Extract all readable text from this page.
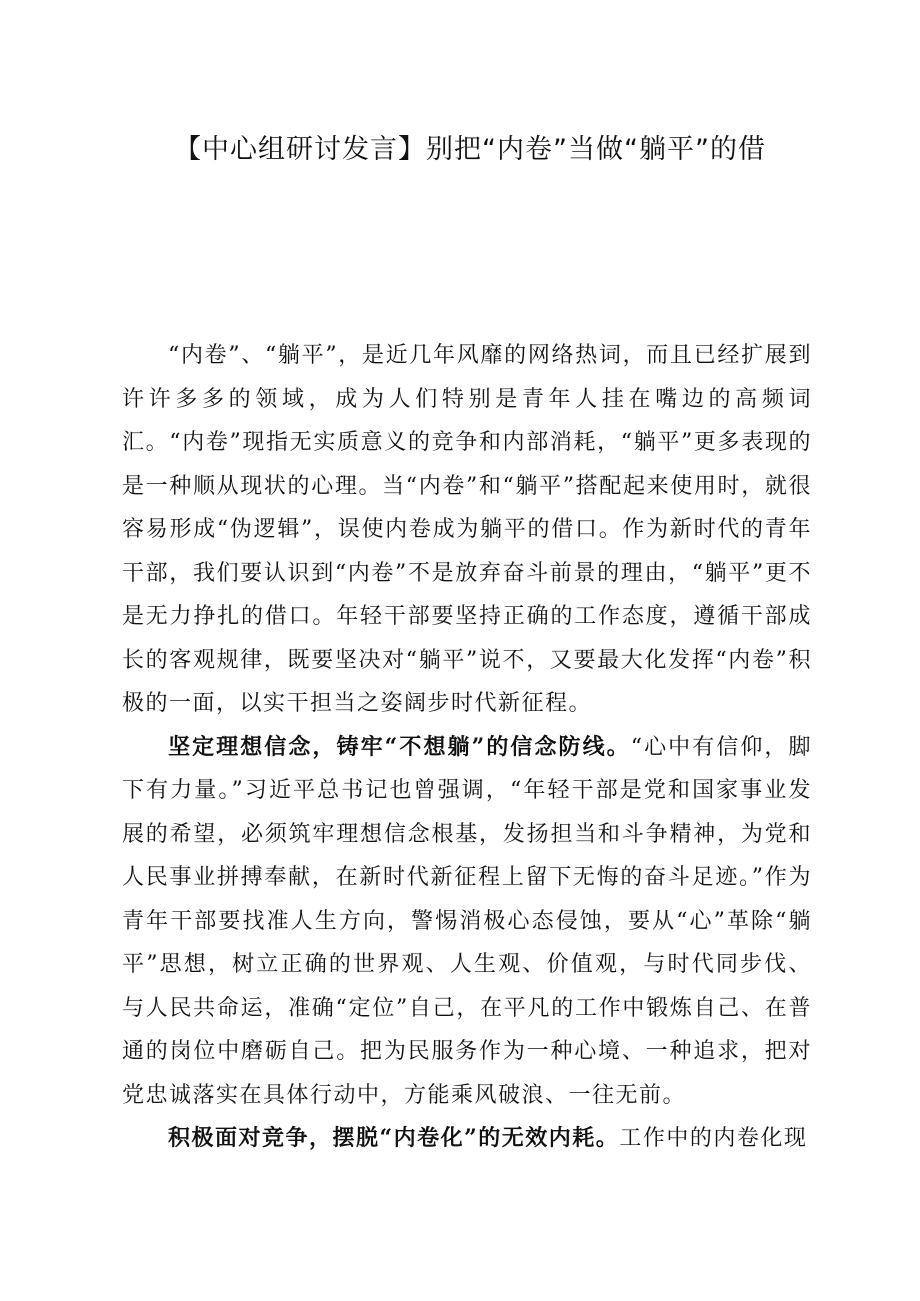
【中心组研讨发言】别把“内卷”当做“躺平”的借

“内卷”、“躺平”，是近几年风靡的网络热词，而且已经扩展到许许多多的领域，成为人们特别是青年人挂在嘴边的高频词汇。“内卷”现指无实质意义的竞争和内部消耗，“躺平”更多表现的是一种顺从现状的心理。当“内卷”和“躺平”搭配起来使用时，就很容易形成“伪逻辑”，误使内卷成为躺平的借口。作为新时代的青年干部，我们要认识到“内卷”不是放弃奋斗前景的理由，“躺平”更不是无力挣扎的借口。年轻干部要坚持正确的工作态度，遵循干部成长的客观规律，既要坚决对“躺平”说不，又要最大化发挥“内卷”积极的一面，以实干担当之姿阔步时代新征程。

坚定理想信念，铸牢“不想躺”的信念防线。“心中有信仰，脚下有力量。”习近平总书记也曾强调，“年轻干部是党和国家事业发展的希望，必须筑牢理想信念根基，发扬担当和斗争精神，为党和人民事业拼搏奉献，在新时代新征程上留下无悔的奋斗足迹。”作为青年干部要找准人生方向，警惕消极心态侵蚀，要从“心”革除“躺平”思想，树立正确的世界观、人生观、价值观，与时代同步伐、与人民共命运，准确“定位”自己，在平凡的工作中锻炼自己、在普通的岗位中磨砺自己。把为民服务作为一种心境、一种追求，把对党忠诚落实在具体行动中，方能乘风破浪、一往无前。

积极面对竞争，摆脱“内卷化”的无效内耗。工作中的内卷化现
